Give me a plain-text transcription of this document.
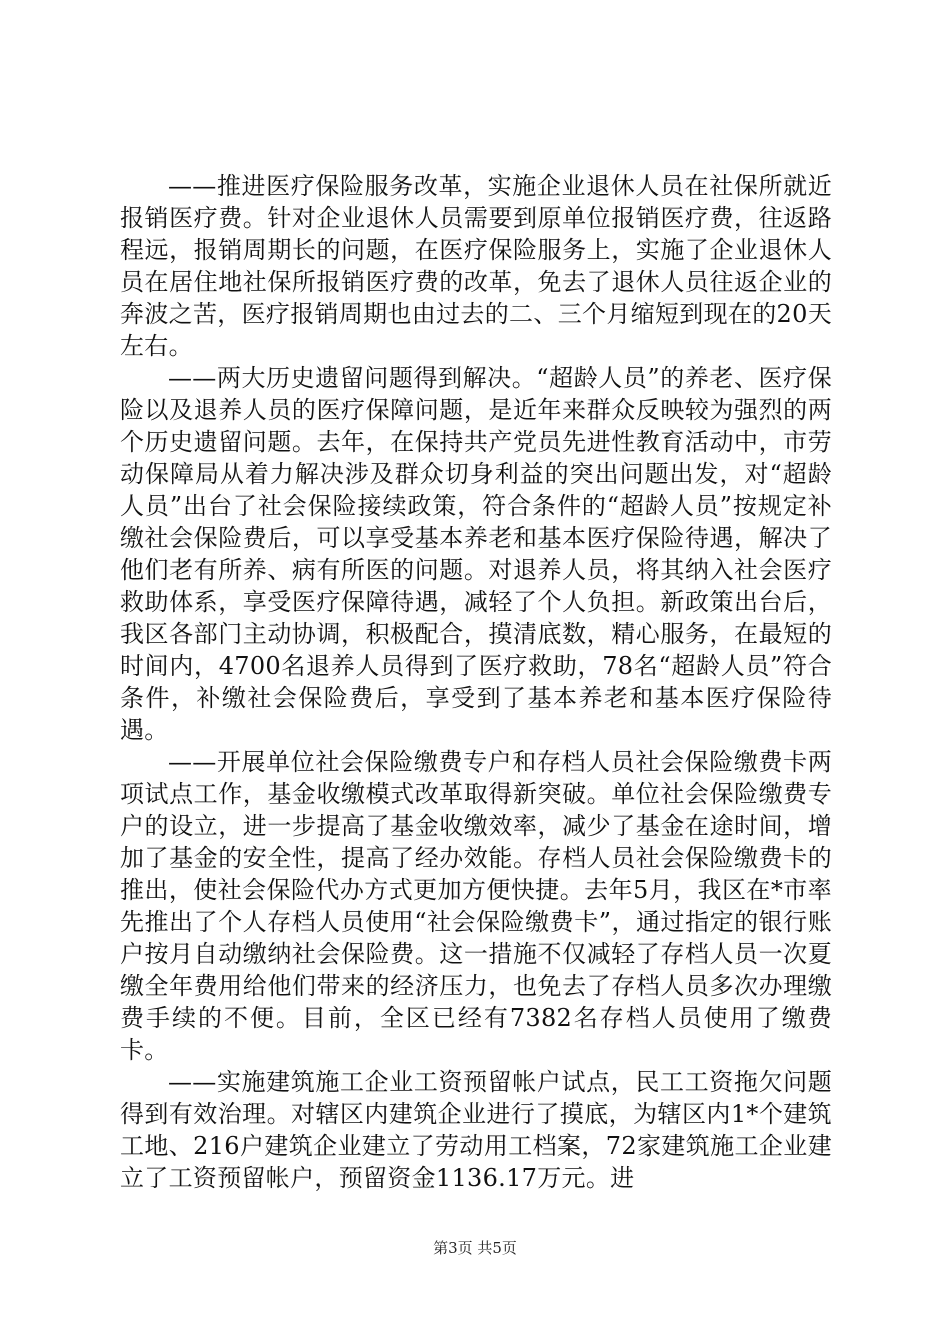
——推进医疗保险服务改革，实施企业退休人员在社保所就近报销医疗费。针对企业退休人员需要到原单位报销医疗费，往返路程远，报销周期长的问题，在医疗保险服务上，实施了企业退休人员在居住地社保所报销医疗费的改革，免去了退休人员往返企业的奔波之苦，医疗报销周期也由过去的二、三个月缩短到现在的20天左右。

——两大历史遗留问题得到解决。“超龄人员”的养老、医疗保险以及退养人员的医疗保障问题，是近年来群众反映较为强烈的两个历史遗留问题。去年，在保持共产党员先进性教育活动中，市劳动保障局从着力解决涉及群众切身利益的突出问题出发，对“超龄人员”出台了社会保险接续政策，符合条件的“超龄人员”按规定补缴社会保险费后，可以享受基本养老和基本医疗保险待遇，解决了他们老有所养、病有所医的问题。对退养人员，将其纳入社会医疗救助体系，享受医疗保障待遇，减轻了个人负担。新政策出台后，我区各部门主动协调，积极配合，摸清底数，精心服务，在最短的时间内，4700名退养人员得到了医疗救助，78名“超龄人员”符合条件，补缴社会保险费后，享受到了基本养老和基本医疗保险待遇。

——开展单位社会保险缴费专户和存档人员社会保险缴费卡两项试点工作，基金收缴模式改革取得新突破。单位社会保险缴费专户的设立，进一步提高了基金收缴效率，减少了基金在途时间，增加了基金的安全性，提高了经办效能。存档人员社会保险缴费卡的推出，使社会保险代办方式更加方便快捷。去年5月，我区在*市率先推出了个人存档人员使用“社会保险缴费卡”，通过指定的银行账户按月自动缴纳社会保险费。这一措施不仅减轻了存档人员一次夏缴全年费用给他们带来的经济压力，也免去了存档人员多次办理缴费手续的不便。目前，全区已经有7382名存档人员使用了缴费卡。

——实施建筑施工企业工资预留帐户试点，民工工资拖欠问题得到有效治理。对辖区内建筑企业进行了摸底，为辖区内1*个建筑工地、216户建筑企业建立了劳动用工档案，72家建筑施工企业建立了工资预留帐户，预留资金1136.17万元。进

第3页 共5页
